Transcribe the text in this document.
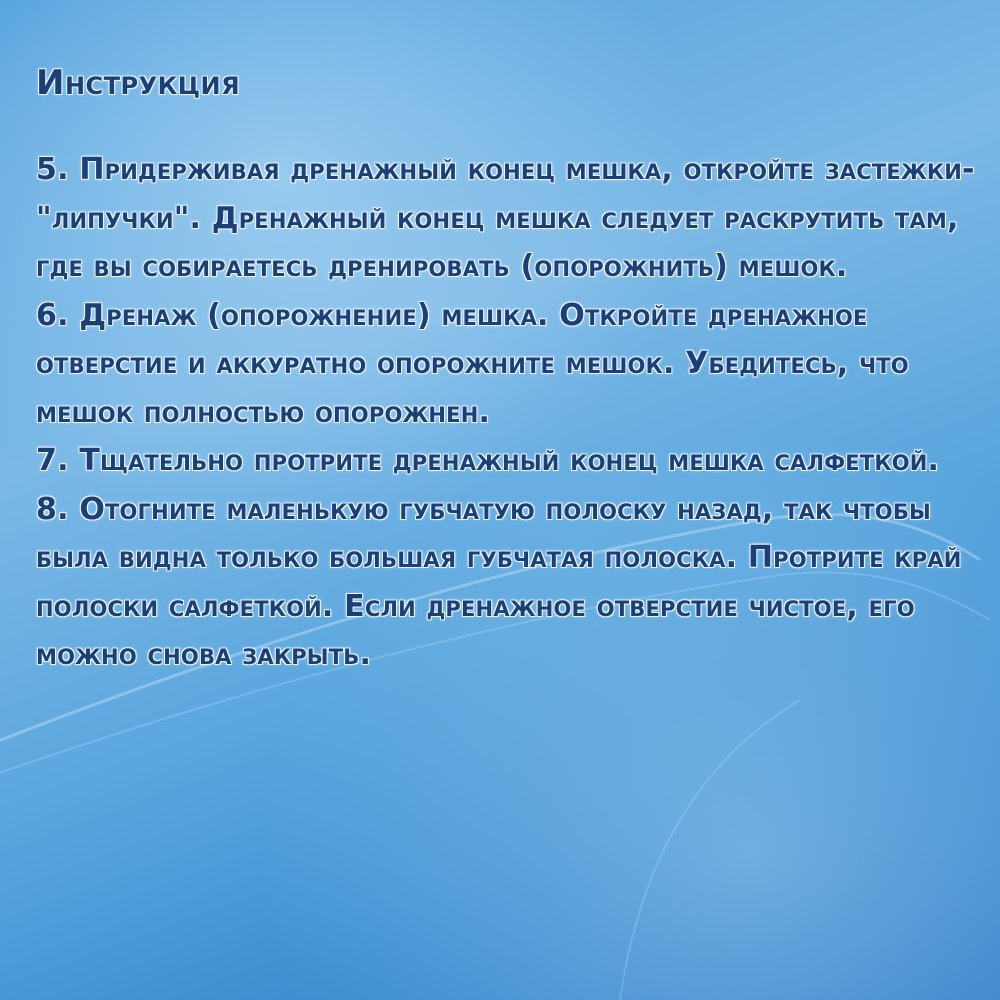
Инструкция

5. Придерживая дренажный конец мешка, откройте застежки-"липучки". Дренажный конец мешка следует раскрутить там, где вы собираетесь дренировать (опорожнить) мешок.

6. Дренаж (опорожнение) мешка. Откройте дренажное отверстие и аккуратно опорожните мешок. Убедитесь, что мешок полностью опорожнен.

7. Тщательно протрите дренажный конец мешка салфеткой.

8. Отогните маленькую губчатую полоску назад, так чтобы была видна только большая губчатая полоска. Протрите край полоски салфеткой. Если дренажное отверстие чистое, его можно снова закрыть.
